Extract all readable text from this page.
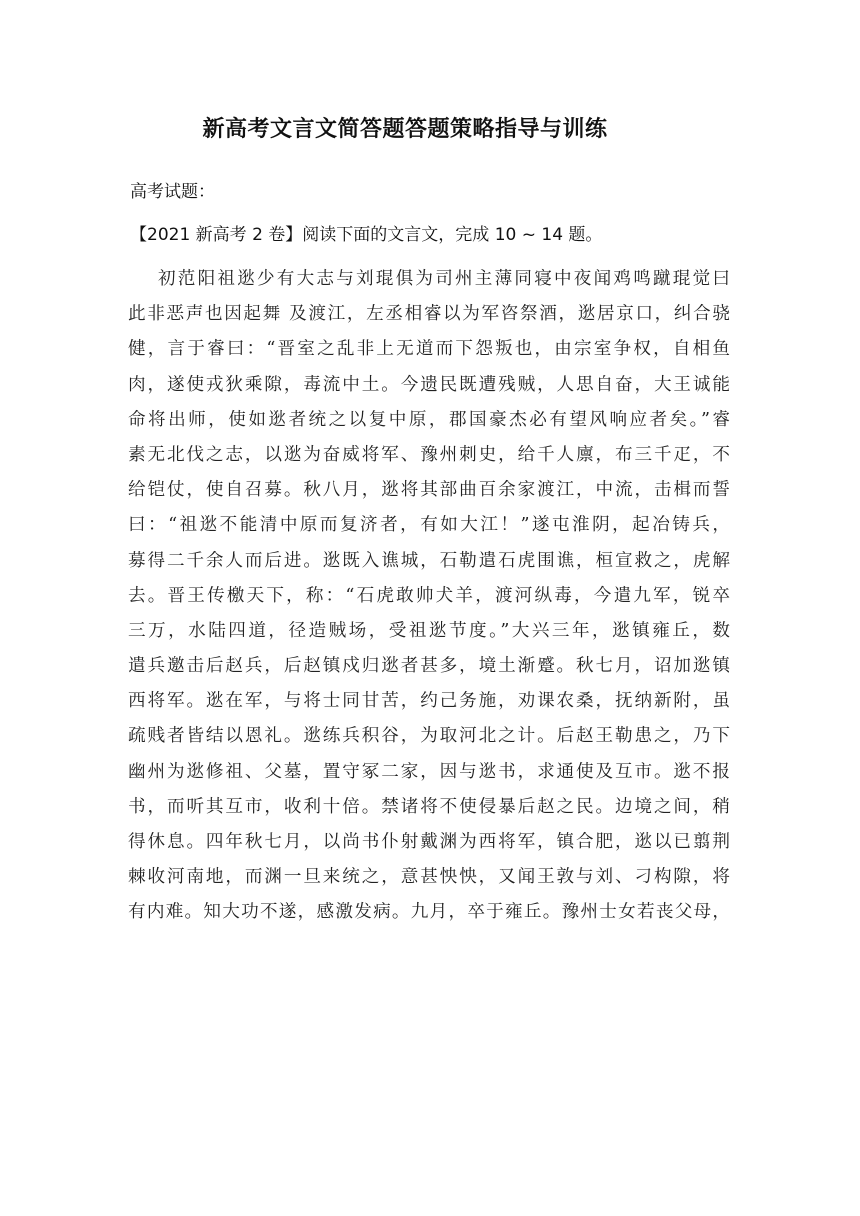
新高考文言文简答题答题策略指导与训练
高考试题：
【2021 新高考 2 卷】阅读下面的文言文，完成 10 ~ 14 题。
初范阳祖逖少有大志与刘琨俱为司州主薄同寝中夜闻鸡鸣蹴琨觉曰
此非恶声也因起舞 及渡江，左丞相睿以为军咨祭酒，逖居京口，纠合骁
健，言于睿曰：“晋室之乱非上无道而下怨叛也，由宗室争权，自相鱼
肉，遂使戎狄乘隙，毒流中土。今遗民既遭残贼，人思自奋，大王诚能
命将出师，使如逖者统之以复中原，郡国豪杰必有望风响应者矣。”睿
素无北伐之志，以逖为奋威将军、豫州刺史，给千人廪，布三千疋，不
给铠仗，使自召募。秋八月，逖将其部曲百余家渡江，中流，击楫而誓
曰：“祖逖不能清中原而复济者，有如大江！”遂屯淮阴，起冶铸兵，
募得二千余人而后进。逖既入谯城，石勒遣石虎围谯，桓宣救之，虎解
去。晋王传檄天下，称：“石虎敢帅犬羊，渡河纵毒，今遣九军，锐卒
三万，水陆四道，径造贼场，受祖逖节度。”大兴三年，逖镇雍丘，数
遣兵邀击后赵兵，后赵镇戍归逖者甚多，境土渐蹙。秋七月，诏加逖镇
西将军。逖在军，与将士同甘苦，约己务施，劝课农桑，抚纳新附，虽
疏贱者皆结以恩礼。逖练兵积谷，为取河北之计。后赵王勒患之，乃下
幽州为逖修祖、父墓，置守冢二家，因与逖书，求通使及互市。逖不报
书，而听其互市，收利十倍。禁诸将不使侵暴后赵之民。边境之间，稍
得休息。四年秋七月，以尚书仆射戴渊为西将军，镇合肥，逖以已翦荆
棘收河南地，而渊一旦来统之，意甚怏怏，又闻王敦与刘、刁构隙，将
有内难。知大功不遂，感激发病。九月，卒于雍丘。豫州士女若丧父母，
